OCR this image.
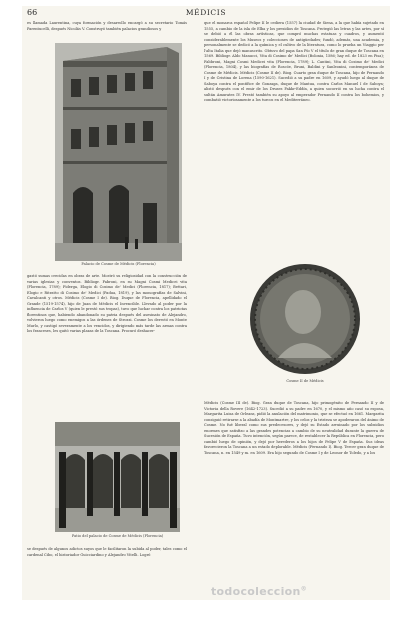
66	MÉDICIS

es llamada Laurentina, cuya formación y desarrollo encargó a su secretario Tomás Parentucelli, después Nicolás V. Construyó también palacios grandiosos y

gastó sumas crecidas en obras de arte. Mostró su religiosidad con la construcción de varias iglesias y conventos. Bibliogr. Fabroni, en su Magni Cosmi Medicei vita (Florencia, 1789); Fiderga, Elogio di Cosimo de' Medici (Florencia, 1817); Bettari, Elogio e Ritratto di Cosimo de' Medici (Padua, 1819), y las monografías de Salvini, Cavalcanti y otros. Médicis (Cosme I de). Biog. Duque de Florencia, apellidado el Grande (1519-1574), hijo de Juan de Médicis el Invencible. Llevado al poder por la influencia de Carlos V (quien le prestó sus tropas), tuvo que luchar contra los patriotas florentinos que, habiendo abandonado su patria después del asesinato de Alejandro, volvieron luego como enemigos a las órdenes de Strozzi. Cosme los derrotó en Monte Murlo, y castigó severamente a los vencidos, y dirigiendo más tarde las armas contra los franceses, les quitó varias plazas de la Toscana. Procuró deshacer-

se después de algunos adictos suyos que le facilitaron la subida al poder, tales como el cardenal Cibo, el historiador Guicciardino y Alejandro Vitelli. Logró

que el monarca español Felipe II le cediera (1557) la ciudad de Siena, a la que había sujetado en 1555, a cambio de la isla de Elba y los presidios de Toscana. Protegió las letras y las artes, por sí se debió a él las obras artísticas, que compró muchas estatuas y cuadros, y aumentó considerablemente los Museos y colecciones de antigüedades; fundó, además, una academia, y personalmente se dedicó a la química y el cultivo de la literatura, como lo prueba un Viaggio per l'alta Italia que dejó manuscrito. Obtuvo del papa San Pío V el título de gran duque de Toscana en 1569. Bibliogr. Aldo Manucci, Vita di Cosimo de' Medici (Bolonia, 1586; hay ed. de 1823 en Pisa); Fabbroni, Magni Cosmi Medicei vita (Florencia, 1789); L. Cantini, Vita di Cosimo de' Medici (Florencia, 1804), y las biografías de Roscöe, Bruni, Baldini y Sanleonini, contemporánea de Cosme de Médicis. Médicis (Cosme II de). Biog. Cuarto gran duque de Toscana, hijo de Fernando I y de Cristina de Lorena (1590-1621). Sucedió a su padre en 1609, y ayudó luego al duque de Saboya contra el pontífice de Gonzaga, duque de Mantua, contra Carlos Manuel I de Saboya; alistó después con el emir de los Druses Fakhr-Eddín, a quien socorrió en su lucha contra el sultán Amurates IV. Prestó también su apoyo al emperador Fernando II contra los bohemios, y combatió victoriosamente a los turcos en el Mediterráneo.

Médicis (Cosme III de). Biog. Gran duque de Toscana, hijo primogénito de Fernando II y de Victoria della Rovere (1642-1723). Sucedió a su padre en 1670, y el mismo año casó su esposa, Margarita Luisa de Orleans, pidió la anulación del matrimonio, que se efectuó en 1661. Margarita consiguió retirarse a la abadía de Montmartre, y los celos y la tristeza se apoderaron del ánimo de Cosme. No fué liberal como sus predecesores, y dejó su Estado arruinado por los subsidios enormes que satisfizo a las grandes potencias a cambio de su neutralidad durante la guerra de Sucesión de España. Tuvo intención, según parece, de restablecer la República en Florencia, pero cambió luego de opinión, y dejó por herederos a los hijos de Felipe V de España. Sus ideas favorecieron la Toscana a un estado deplorable. Médicis (Fernando I). Biog. Tercer gran duque de Toscana, n. en 1549 y m. en 1609. Era hijo segundo de Cosme I y de Leonor de Toledo, y a los

Palacio de Cosme de Médicis (Florencia)
Cosme II de Médicis
Patio del palacio de Cosme de Médicis (Florencia)
todocoleccion®
